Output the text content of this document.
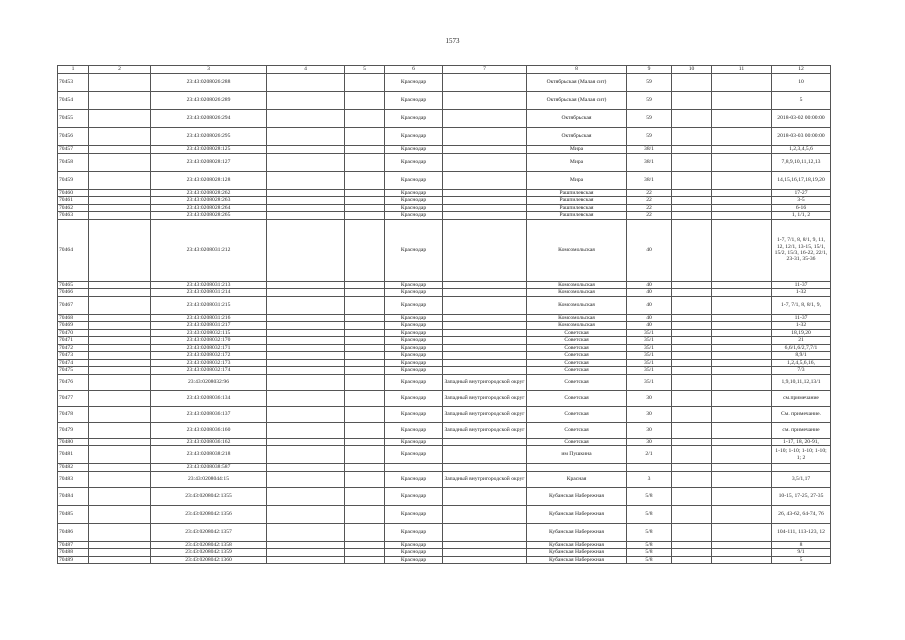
1573
1	2	3	4	5	6	7	8	9	10	11	12
70453		23:43:0208026:288			Краснодар		Октябрьская (Малая сит)	59			10
70454		23:43:0208026:289			Краснодар		Октябрьская (Малая сит)	59			5
70455		23:43:0208026:294			Краснодар		Октябрьская	59			2018-03-02 00:00:00
70456		23:43:0208026:295			Краснодар		Октябрьская	59			2018-03-03 00:00:00
70457		23:43:0208028:125			Краснодар		Мира	38/1			1,2,3,4,5,6
70458		23:43:0208028:127			Краснодар		Мира	38/1			7,8,9,10,11,12,13
70459		23:43:0208028:128			Краснодар		Мира	38/1			14,15,16,17,18,19,20
70460		23:43:0208028:262			Краснодар		Рашпилевская	22			17-27
70461		23:43:0208028:263			Краснодар		Рашпилевская	22			3-5
70462		23:43:0208028:264			Краснодар		Рашпилевская	22			6-16
70463		23:43:0208028:265			Краснодар		Рашпилевская	22			1, 1/1, 2
70464		23:43:0208031:212			Краснодар		Комсомольская	40			1-7, 7/1, 8, 8/1, 9, 11, 12, 12/1, 13-15, 15/1, 15/2, 15/3, 16-22, 22/1, 23-31, 35-36
70465		23:43:0208031:213			Краснодар		Комсомольская	40			11-37
70466		23:43:0208031:214			Краснодар		Комсомольская	40			1-32
70467		23:43:0208031:215			Краснодар		Комсомольская	40			1-7, 7/1, 8, 8/1, 9,
70468		23:43:0208031:216			Краснодар		Комсомольская	40			11-37
70469		23:43:0208031:217			Краснодар		Комсомольская	40			1-32
70470		23:43:0208032:115			Краснодар		Советская	35/1			18,19,20
70471		23:43:0208032:170			Краснодар		Советская	35/1			21
70472		23:43:0208032:171			Краснодар		Советская	35/1			6,6/1,6/2,7,7/1
70473		23:43:0208032:172			Краснодар		Советская	35/1			8,9/1
70474		23:43:0208032:173			Краснодар		Советская	35/1			1,2,4,5,6,16,
70475		23:43:0208032:174			Краснодар		Советская	35/1			7/3
70476		23:43:0208032:96			Краснодар	Западный внутригородской округ	Советская	35/1			1,9,10,11,12,13/1
70477		23:43:0208036:134			Краснодар	Западный внутригородской округ	Советская	30			см.примечание
70478		23:43:0208036:137			Краснодар	Западный внутригородской округ	Советская	30			См. примечание.
70479		23:43:0208036:160			Краснодар	Западный внутригородской округ	Советская	30			см. примечание
70480		23:43:0208036:162			Краснодар		Советская	30			1-17, 18, 20-91,
70481		23:43:0208038:218			Краснодар		им Пушкина	2/1			1-10; 1-10; 1-10; 1-10; 1; 2
70482		23:43:0208038:587									
70483		23:43:0208044:15			Краснодар	Западный внутригородской округ	Красная	3			3,5/1,17
70484		23:43:0208042:1355			Краснодар		Кубанская Набережная	5/8			10-15, 17-25, 27-35
70485		23:43:0208042:1356			Краснодар		Кубанская Набережная	5/8			26, 43-62, 64-74, 76
70486		23:43:0208042:1357			Краснодар		Кубанская Набережная	5/8			104-111, 113-123, 12
70487		23:43:0208042:1358			Краснодар		Кубанская Набережная	5/8			8
70488		23:43:0208042:1359			Краснодар		Кубанская Набережная	5/8			9/1
70489		23:43:0208042:1360			Краснодар		Кубанская Набережная	5/8			5
